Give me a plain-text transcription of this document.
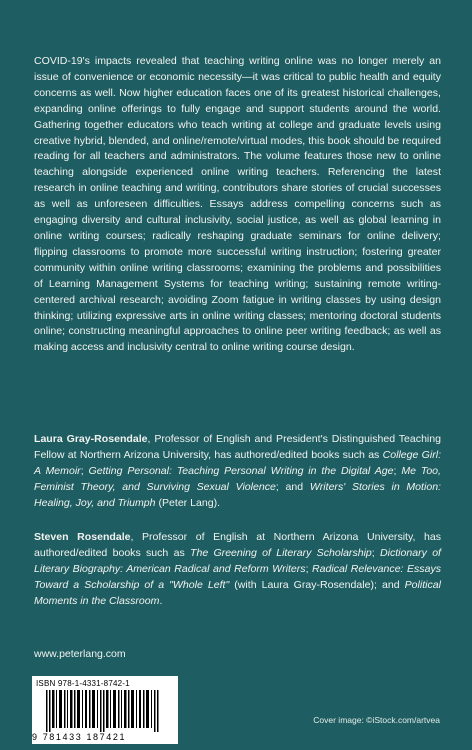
COVID-19's impacts revealed that teaching writing online was no longer merely an issue of convenience or economic necessity—it was critical to public health and equity concerns as well. Now higher education faces one of its greatest historical challenges, expanding online offerings to fully engage and support students around the world. Gathering together educators who teach writing at college and graduate levels using creative hybrid, blended, and online/remote/virtual modes, this book should be required reading for all teachers and administrators. The volume features those new to online teaching alongside experienced online writing teachers. Referencing the latest research in online teaching and writing, contributors share stories of crucial successes as well as unforeseen difficulties. Essays address compelling concerns such as engaging diversity and cultural inclusivity, social justice, as well as global learning in online writing courses; radically reshaping graduate seminars for online delivery; flipping classrooms to promote more successful writing instruction; fostering greater community within online writing classrooms; examining the problems and possibilities of Learning Management Systems for teaching writing; sustaining remote writing-centered archival research; avoiding Zoom fatigue in writing classes by using design thinking; utilizing expressive arts in online writing classes; mentoring doctoral students online; constructing meaningful approaches to online peer writing feedback; as well as making access and inclusivity central to online writing course design.

Laura Gray-Rosendale, Professor of English and President's Distinguished Teaching Fellow at Northern Arizona University, has authored/edited books such as College Girl: A Memoir; Getting Personal: Teaching Personal Writing in the Digital Age; Me Too, Feminist Theory, and Surviving Sexual Violence; and Writers' Stories in Motion: Healing, Joy, and Triumph (Peter Lang).

Steven Rosendale, Professor of English at Northern Arizona University, has authored/edited books such as The Greening of Literary Scholarship; Dictionary of Literary Biography: American Radical and Reform Writers; Radical Relevance: Essays Toward a Scholarship of a "Whole Left" (with Laura Gray-Rosendale); and Political Moments in the Classroom.

www.peterlang.com
ISBN 978-1-4331-8742-1
9 781433 187421
Cover image: ©iStock.com/artvea
